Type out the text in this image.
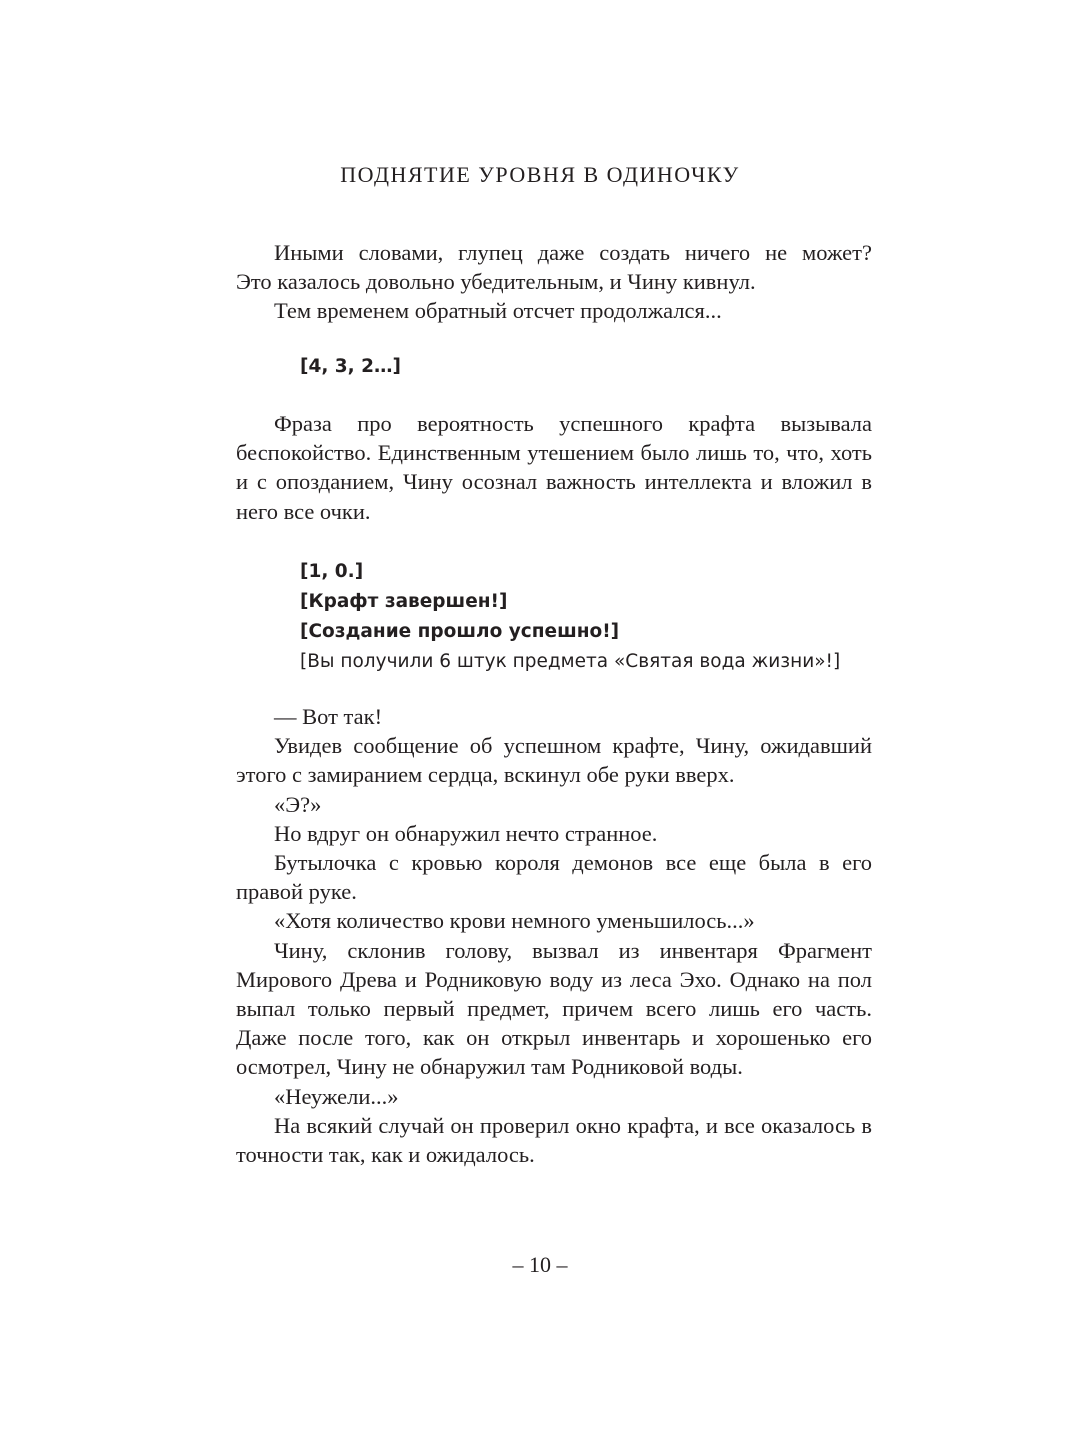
ПОДНЯТИЕ УРОВНЯ В ОДИНОЧКУ

Иными словами, глупец даже создать ничего не может?

Это казалось довольно убедительным, и Чину кивнул.

Тем временем обратный отсчет продолжался...

[4, 3, 2…]

Фраза про вероятность успешного крафта вызывала беспокойство. Единственным утешением было лишь то, что, хоть и с опозданием, Чину осознал важность интеллекта и вложил в него все очки.

[1, 0.]
[Крафт завершен!]
[Создание прошло успешно!]
[Вы получили 6 штук предмета «Святая вода жизни»!]

— Вот так!

Увидев сообщение об успешном крафте, Чину, ожидавший этого с замиранием сердца, вскинул обе руки вверх.

«Э?»

Но вдруг он обнаружил нечто странное.

Бутылочка с кровью короля демонов все еще была в его правой руке.

«Хотя количество крови немного уменьшилось...»

Чину, склонив голову, вызвал из инвентаря Фрагмент Мирового Древа и Родниковую воду из леса Эхо. Однако на пол выпал только первый предмет, причем всего лишь его часть. Даже после того, как он открыл инвентарь и хорошенько его осмотрел, Чину не обнаружил там Родниковой воды.

«Неужели...»

На всякий случай он проверил окно крафта, и все оказалось в точности так, как и ожидалось.

– 10 –
